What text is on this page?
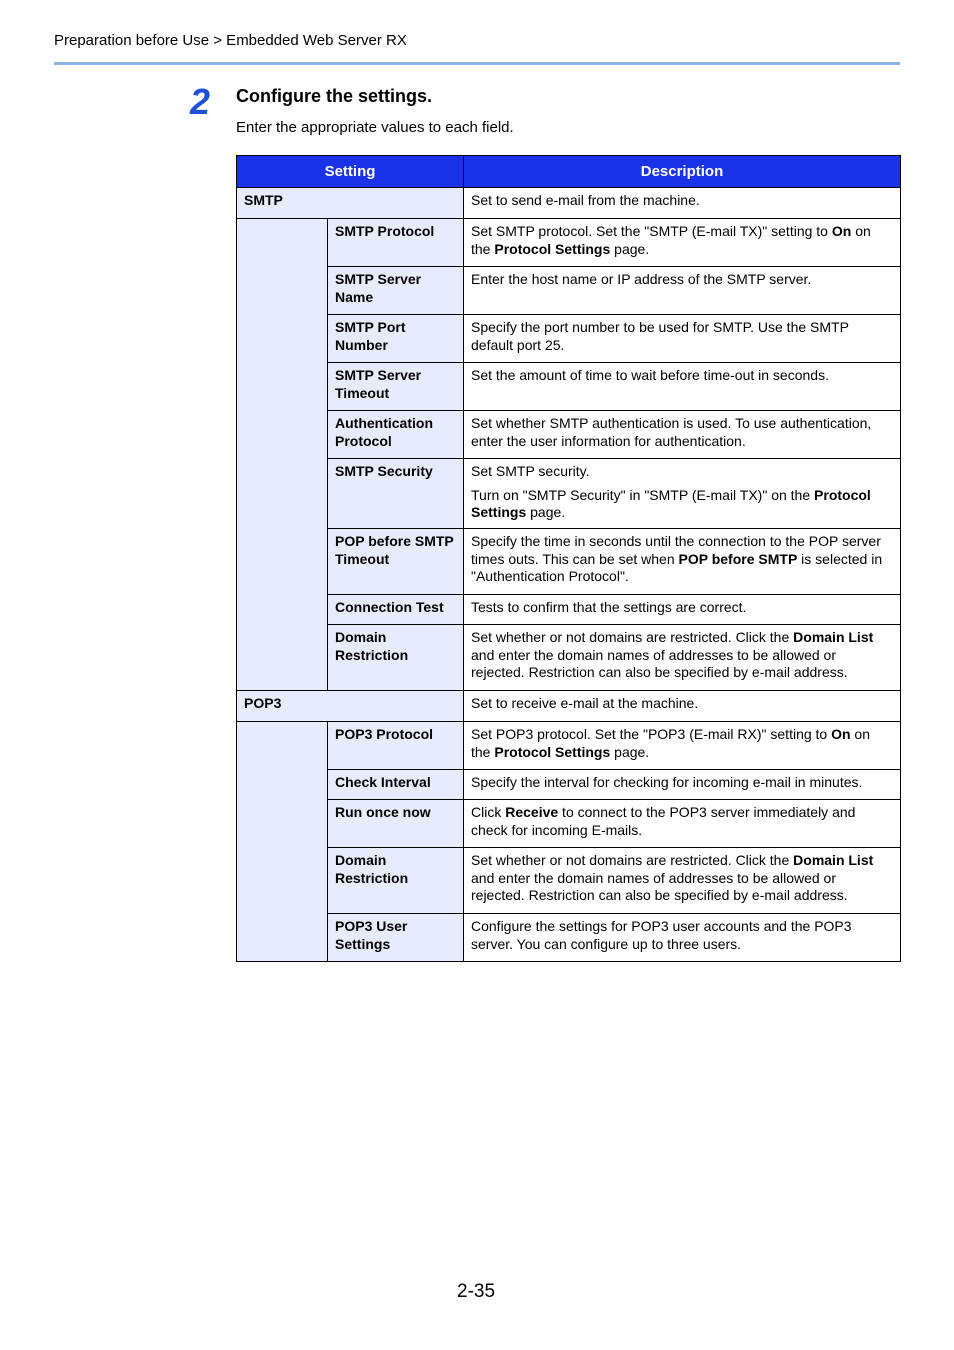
Preparation before Use > Embedded Web Server RX
2 Configure the settings.
Enter the appropriate values to each field.
Setting		Description
SMTP		Set to send e-mail from the machine.
	SMTP Protocol	Set SMTP protocol. Set the "SMTP (E-mail TX)" setting to On on the Protocol Settings page.
	SMTP Server Name	Enter the host name or IP address of the SMTP server.
	SMTP Port Number	Specify the port number to be used for SMTP. Use the SMTP default port 25.
	SMTP Server Timeout	Set the amount of time to wait before time-out in seconds.
	Authentication Protocol	Set whether SMTP authentication is used. To use authentication, enter the user information for authentication.
	SMTP Security	Set SMTP security.
Turn on "SMTP Security" in "SMTP (E-mail TX)" on the Protocol Settings page.

	POP before SMTP Timeout	Specify the time in seconds until the connection to the POP server times outs. This can be set when POP before SMTP is selected in "Authentication Protocol".
	Connection Test	Tests to confirm that the settings are correct.
	Domain Restriction	Set whether or not domains are restricted. Click the Domain List and enter the domain names of addresses to be allowed or rejected. Restriction can also be specified by e-mail address.
POP3		Set to receive e-mail at the machine.
	POP3 Protocol	Set POP3 protocol. Set the "POP3 (E-mail RX)" setting to On on the Protocol Settings page.
	Check Interval	Specify the interval for checking for incoming e-mail in minutes.
	Run once now	Click Receive to connect to the POP3 server immediately and check for incoming E-mails.
	Domain Restriction	Set whether or not domains are restricted. Click the Domain List and enter the domain names of addresses to be allowed or rejected. Restriction can also be specified by e-mail address.
	POP3 User Settings	Configure the settings for POP3 user accounts and the POP3 server. You can configure up to three users.
2-35
